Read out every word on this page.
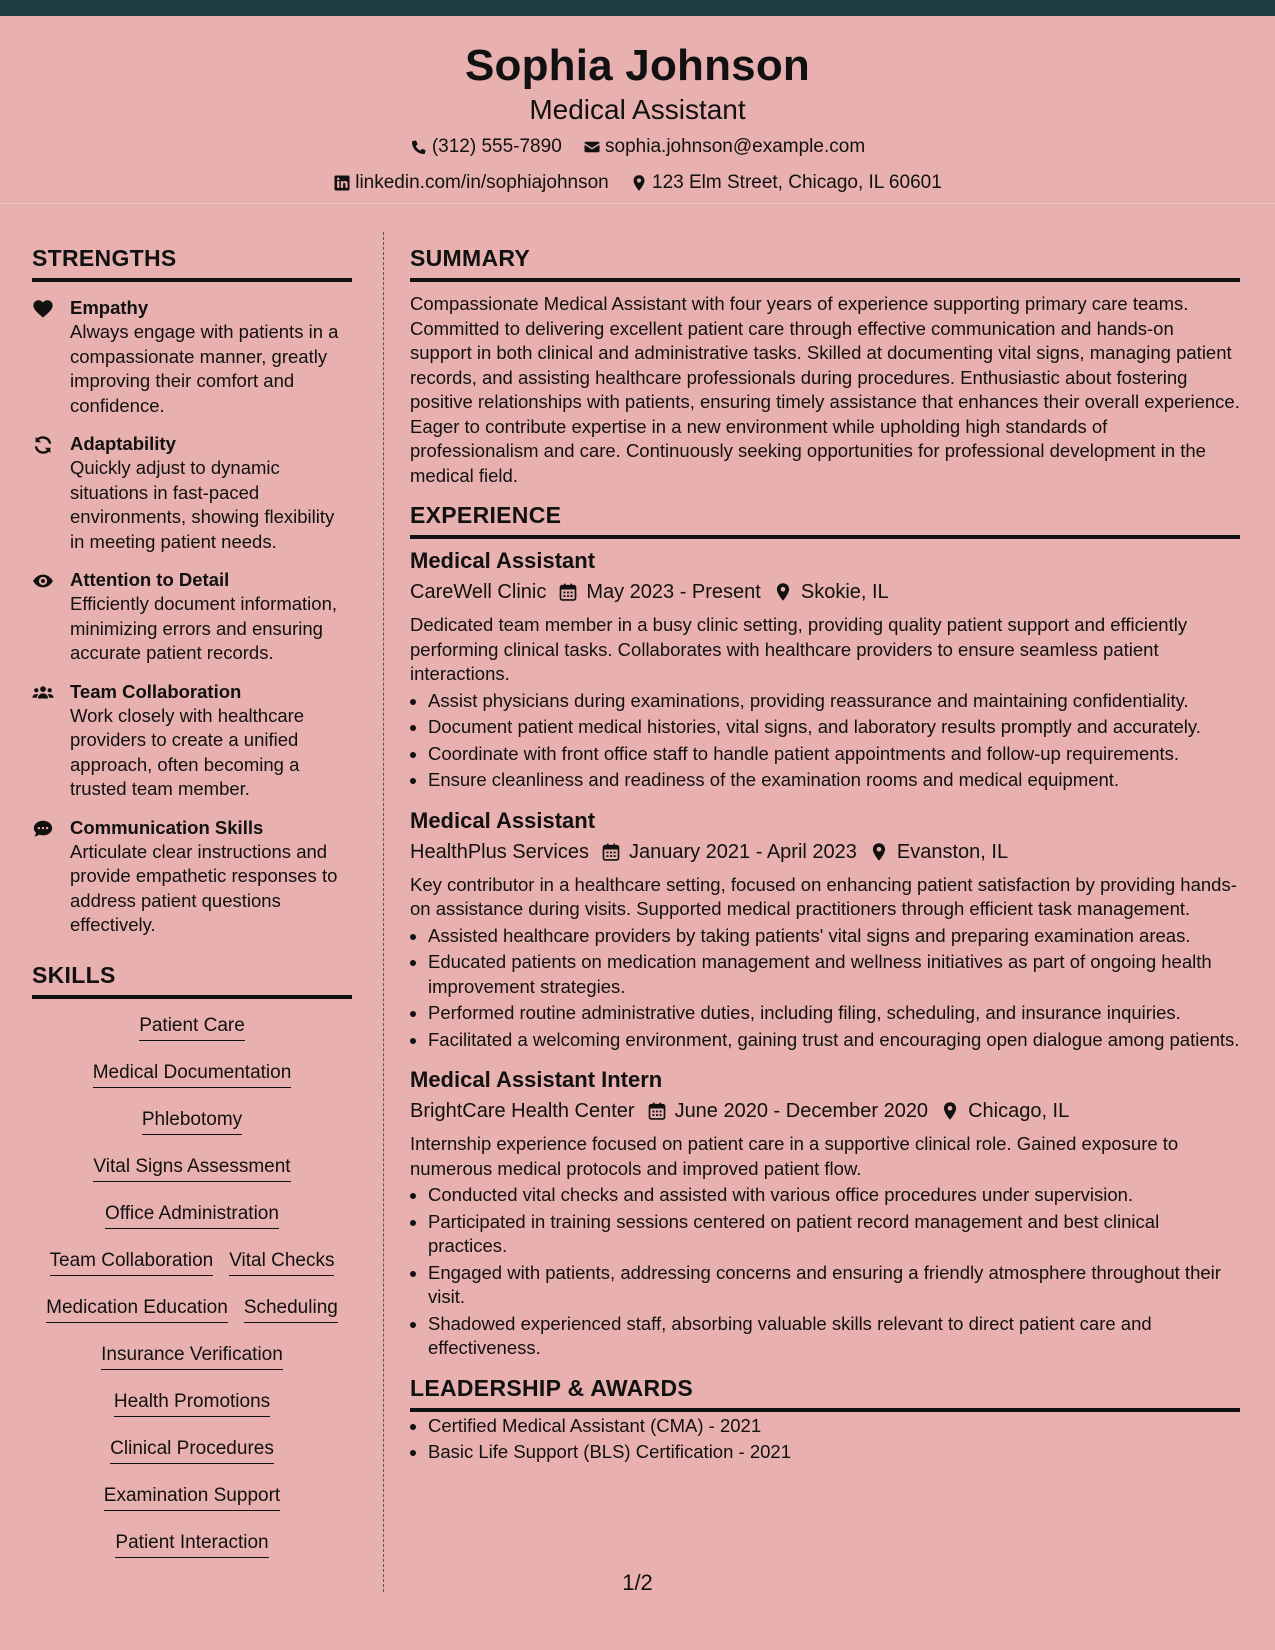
Sophia Johnson
Medical Assistant
(312) 555-7890
sophia.johnson@example.com
linkedin.com/in/sophiajohnson
123 Elm Street, Chicago, IL 60601
STRENGTHS
Empathy
Always engage with patients in a compassionate manner, greatly improving their comfort and confidence.
Adaptability
Quickly adjust to dynamic situations in fast-paced environments, showing flexibility in meeting patient needs.
Attention to Detail
Efficiently document information, minimizing errors and ensuring accurate patient records.
Team Collaboration
Work closely with healthcare providers to create a unified approach, often becoming a trusted team member.
Communication Skills
Articulate clear instructions and provide empathetic responses to address patient questions effectively.
SKILLS
Patient Care
Medical Documentation
Phlebotomy
Vital Signs Assessment
Office Administration
Team Collaboration Vital Checks
Medication Education Scheduling
Insurance Verification
Health Promotions
Clinical Procedures
Examination Support
Patient Interaction
SUMMARY

Compassionate Medical Assistant with four years of experience supporting primary care teams. Committed to delivering excellent patient care through effective communication and hands-on support in both clinical and administrative tasks. Skilled at documenting vital signs, managing patient records, and assisting healthcare professionals during procedures. Enthusiastic about fostering positive relationships with patients, ensuring timely assistance that enhances their overall experience. Eager to contribute expertise in a new environment while upholding high standards of professionalism and care. Continuously seeking opportunities for professional development in the medical field.

EXPERIENCE
Medical Assistant
CareWell Clinic May 2023 - Present Skokie, IL

Dedicated team member in a busy clinic setting, providing quality patient support and efficiently performing clinical tasks. Collaborates with healthcare providers to ensure seamless patient interactions.

• Assist physicians during examinations, providing reassurance and maintaining confidentiality.
• Document patient medical histories, vital signs, and laboratory results promptly and accurately.
• Coordinate with front office staff to handle patient appointments and follow-up requirements.
• Ensure cleanliness and readiness of the examination rooms and medical equipment.
Medical Assistant
HealthPlus Services January 2021 - April 2023 Evanston, IL

Key contributor in a healthcare setting, focused on enhancing patient satisfaction by providing hands-on assistance during visits. Supported medical practitioners through efficient task management.

• Assisted healthcare providers by taking patients' vital signs and preparing examination areas.
• Educated patients on medication management and wellness initiatives as part of ongoing health improvement strategies.
• Performed routine administrative duties, including filing, scheduling, and insurance inquiries.
• Facilitated a welcoming environment, gaining trust and encouraging open dialogue among patients.
Medical Assistant Intern
BrightCare Health Center June 2020 - December 2020 Chicago, IL

Internship experience focused on patient care in a supportive clinical role. Gained exposure to numerous medical protocols and improved patient flow.

• Conducted vital checks and assisted with various office procedures under supervision.
• Participated in training sessions centered on patient record management and best clinical practices.
• Engaged with patients, addressing concerns and ensuring a friendly atmosphere throughout their visit.
• Shadowed experienced staff, absorbing valuable skills relevant to direct patient care and effectiveness.
LEADERSHIP & AWARDS
• Certified Medical Assistant (CMA) - 2021
• Basic Life Support (BLS) Certification - 2021
1/2
